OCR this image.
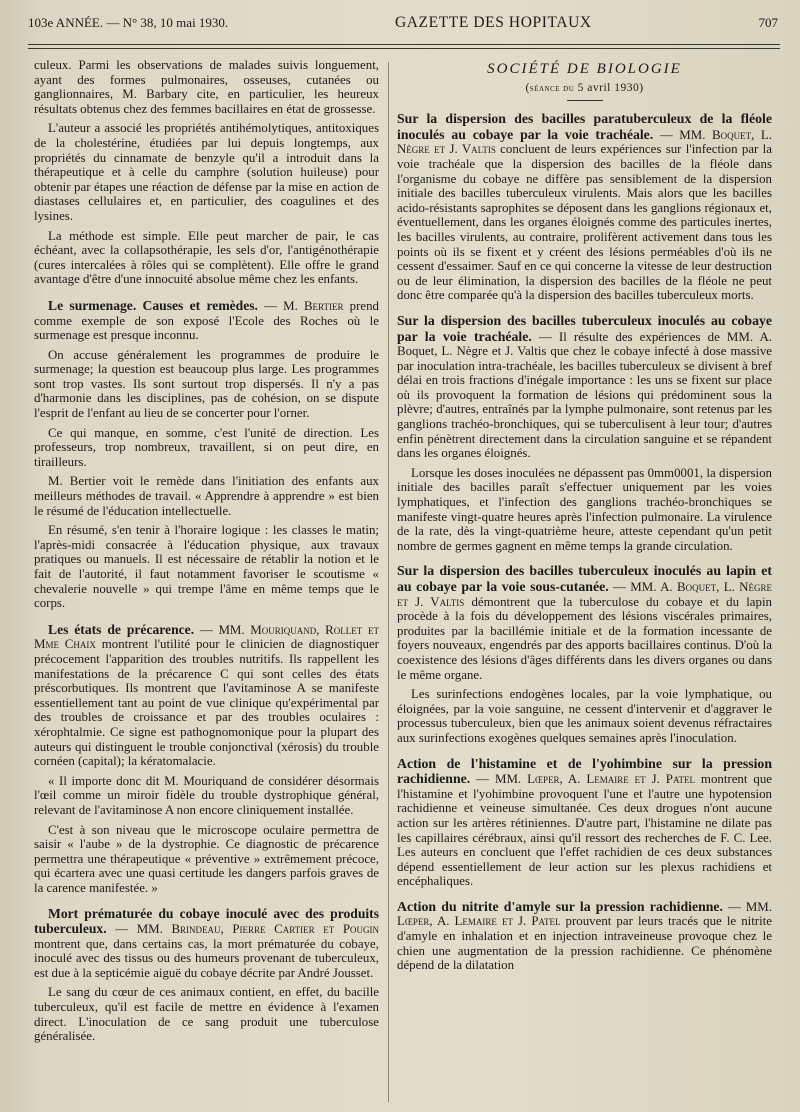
103e ANNÉE. — N° 38, 10 mai 1930.	GAZETTE DES HOPITAUX	707

culeux. Parmi les observations de malades suivis longuement, ayant des formes pulmonaires, osseuses, cutanées ou ganglionnaires, M. Barbary cite, en particulier, les heureux résultats obtenus chez des femmes bacillaires en état de grossesse.

L'auteur a associé les propriétés antihémolytiques, antitoxiques de la cholestérine, étudiées par lui depuis longtemps, aux propriétés du cinnamate de benzyle qu'il a introduit dans la thérapeutique et à celle du camphre (solution huileuse) pour obtenir par étapes une réaction de défense par la mise en action de diastases cellulaires et, en particulier, des coagulines et des lysines.

La méthode est simple. Elle peut marcher de pair, le cas échéant, avec la collapsothérapie, les sels d'or, l'antigénothérapie (cures intercalées à rôles qui se complètent). Elle offre le grand avantage d'être d'une innocuité absolue même chez les enfants.

Le surmenage. Causes et remèdes. — M. Bertier prend comme exemple de son exposé l'Ecole des Roches où le surmenage est presque inconnu.

On accuse généralement les programmes de produire le surmenage; la question est beaucoup plus large. Les programmes sont trop vastes. Ils sont surtout trop dispersés. Il n'y a pas d'harmonie dans les disciplines, pas de cohésion, on se dispute l'esprit de l'enfant au lieu de se concerter pour l'orner.

Ce qui manque, en somme, c'est l'unité de direction. Les professeurs, trop nombreux, travaillent, si on peut dire, en tirailleurs.

M. Bertier voit le remède dans l'initiation des enfants aux meilleurs méthodes de travail. « Apprendre à apprendre » est bien le résumé de l'éducation intellectuelle.

En résumé, s'en tenir à l'horaire logique : les classes le matin; l'après-midi consacrée à l'éducation physique, aux travaux pratiques ou manuels. Il est nécessaire de rétablir la notion et le fait de l'autorité, il faut notamment favoriser le scoutisme « chevalerie nouvelle » qui trempe l'âme en même temps que le corps.

Les états de précarence. — MM. Mouriquand, Rollet et Mme Chaix montrent l'utilité pour le clinicien de diagnostiquer précocement l'apparition des troubles nutritifs. Ils rappellent les manifestations de la précarence C qui sont celles des états préscorbutiques. Ils montrent que l'avitaminose A se manifeste essentiellement tant au point de vue clinique qu'expérimental par des troubles de croissance et par des troubles oculaires : xérophtalmie. Ce signe est pathognomonique pour la plupart des auteurs qui distinguent le trouble conjonctival (xérosis) du trouble cornéen (capital); la kératomalacie.

« Il importe donc dit M. Mouriquand de considérer désormais l'œil comme un miroir fidèle du trouble dystrophique général, relevant de l'avitaminose A non encore cliniquement installée.

C'est à son niveau que le microscope oculaire permettra de saisir « l'aube » de la dystrophie. Ce diagnostic de précarence permettra une thérapeutique « préventive » extrêmement précoce, qui écartera avec une quasi certitude les dangers parfois graves de la carence manifestée. »

Mort prématurée du cobaye inoculé avec des produits tuberculeux. — MM. Brindeau, Pierre Cartier et Pougin montrent que, dans certains cas, la mort prématurée du cobaye, inoculé avec des tissus ou des humeurs provenant de tuberculeux, est due à la septicémie aiguë du cobaye décrite par André Jousset.

Le sang du cœur de ces animaux contient, en effet, du bacille tuberculeux, qu'il est facile de mettre en évidence à l'examen direct. L'inoculation de ce sang produit une tuberculose généralisée.

SOCIÉTÉ DE BIOLOGIE
(séance du 5 avril 1930)

Sur la dispersion des bacilles paratuberculeux de la fléole inoculés au cobaye par la voie trachéale. — MM. Boquet, L. Nègre et J. Valtis concluent de leurs expériences sur l'infection par la voie trachéale que la dispersion des bacilles de la fléole dans l'organisme du cobaye ne diffère pas sensiblement de la dispersion initiale des bacilles tuberculeux virulents. Mais alors que les bacilles acido-résistants saprophites se déposent dans les ganglions régionaux et, éventuellement, dans les organes éloignés comme des particules inertes, les bacilles virulents, au contraire, prolifèrent activement dans tous les points où ils se fixent et y créent des lésions perméables d'où ils ne cessent d'essaimer. Sauf en ce qui concerne la vitesse de leur destruction ou de leur élimination, la dispersion des bacilles de la fléole ne peut donc être comparée qu'à la dispersion des bacilles tuberculeux morts.

Sur la dispersion des bacilles tuberculeux inoculés au cobaye par la voie trachéale. — Il résulte des expériences de MM. A. Boquet, L. Nègre et J. Valtis que chez le cobaye infecté à dose massive par inoculation intra-trachéale, les bacilles tuberculeux se divisent à bref délai en trois fractions d'inégale importance : les uns se fixent sur place où ils provoquent la formation de lésions qui prédominent sous la plèvre; d'autres, entraînés par la lymphe pulmonaire, sont retenus par les ganglions trachéo-bronchiques, qui se tuberculisent à leur tour; d'autres enfin pénètrent directement dans la circulation sanguine et se répandent dans les organes éloignés.

Lorsque les doses inoculées ne dépassent pas 0mm0001, la dispersion initiale des bacilles paraît s'effectuer uniquement par les voies lymphatiques, et l'infection des ganglions trachéo-bronchiques se manifeste vingt-quatre heures après l'infection pulmonaire. La virulence de la rate, dès la vingt-quatrième heure, atteste cependant qu'un petit nombre de germes gagnent en même temps la grande circulation.

Sur la dispersion des bacilles tuberculeux inoculés au lapin et au cobaye par la voie sous-cutanée. — MM. A. Boquet, L. Nègre et J. Valtis démontrent que la tuberculose du cobaye et du lapin procède à la fois du développement des lésions viscérales primaires, produites par la bacillémie initiale et de la formation incessante de foyers nouveaux, engendrés par des apports bacillaires continus. D'où la coexistence des lésions d'âges différents dans les divers organes ou dans le même organe.

Les surinfections endogènes locales, par la voie lymphatique, ou éloignées, par la voie sanguine, ne cessent d'intervenir et d'aggraver le processus tuberculeux, bien que les animaux soient devenus réfractaires aux surinfections exogènes quelques semaines après l'inoculation.

Action de l'histamine et de l'yohimbine sur la pression rachidienne. — MM. Lœper, A. Lemaire et J. Patel montrent que l'histamine et l'yohimbine provoquent l'une et l'autre une hypotension rachidienne et veineuse simultanée. Ces deux drogues n'ont aucune action sur les artères rétiniennes. D'autre part, l'histamine ne dilate pas les capillaires cérébraux, ainsi qu'il ressort des recherches de F. C. Lee. Les auteurs en concluent que l'effet rachidien de ces deux substances dépend essentiellement de leur action sur les plexus rachidiens et encéphaliques.

Action du nitrite d'amyle sur la pression rachidienne. — MM. Lœper, A. Lemaire et J. Patel prouvent par leurs tracés que le nitrite d'amyle en inhalation et en injection intraveineuse provoque chez le chien une augmentation de la pression rachidienne. Ce phénomène dépend de la dilatation
